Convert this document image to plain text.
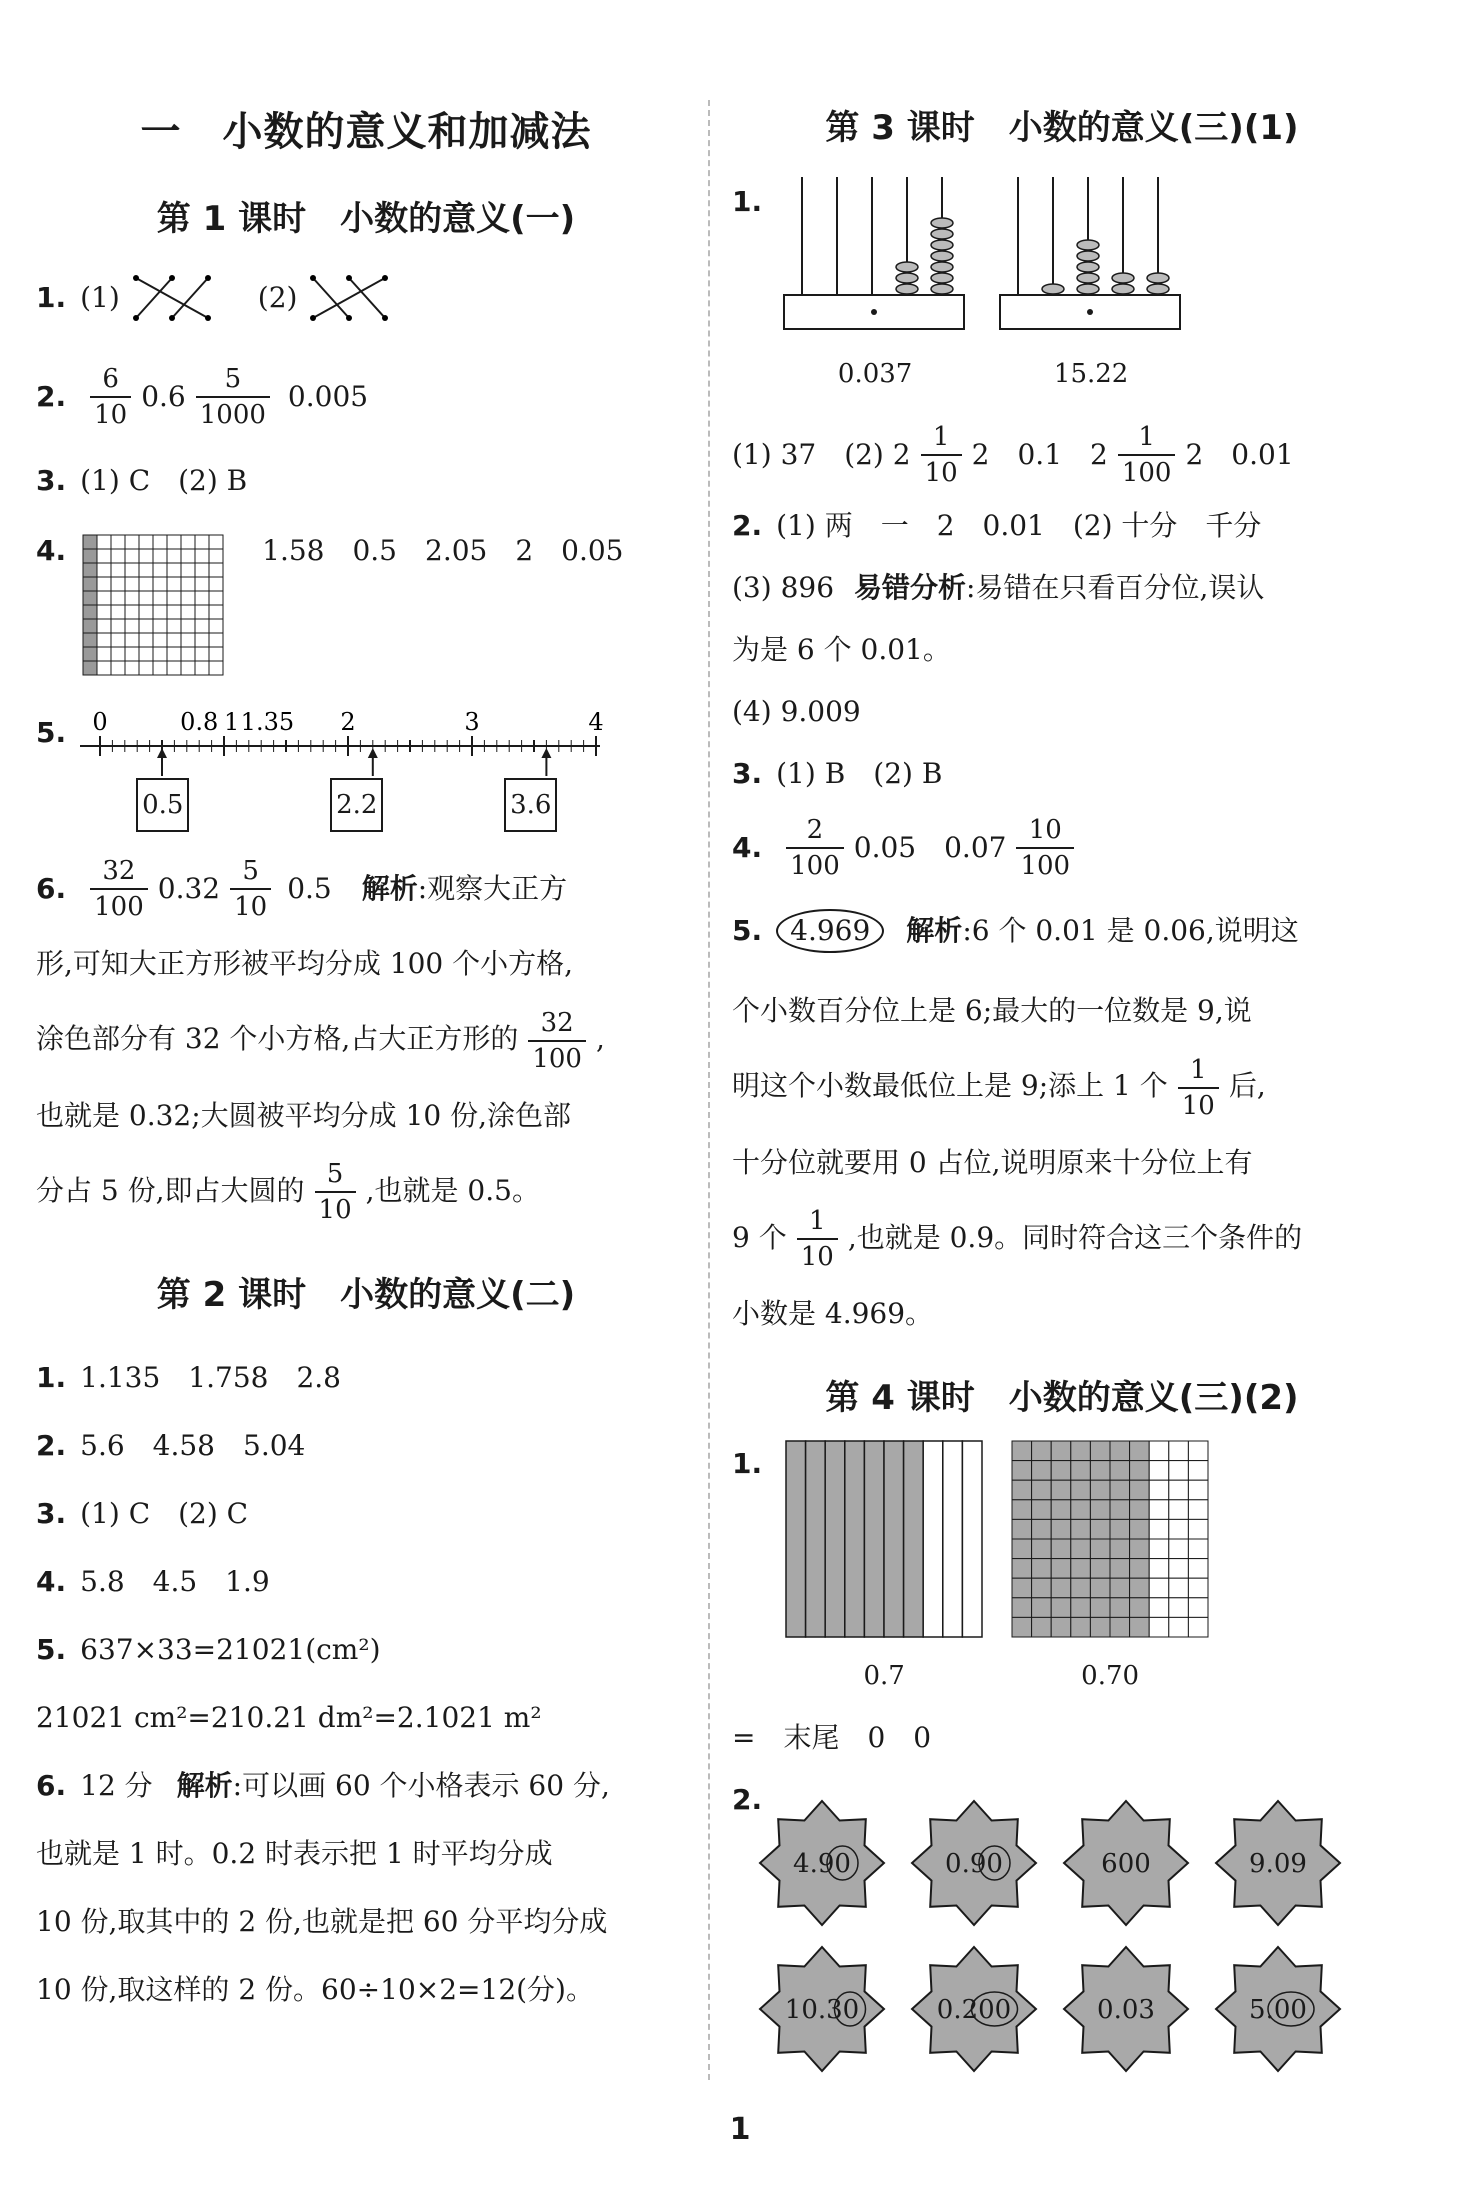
一　小数的意义和加减法
第 1 课时　小数的意义(一)
1. (1)	(2)
2. $\frac{6}{10} 0.6 \frac{5}{1000} 0.005$
3. (1) C　(2) B
4.	1.58　0.5　2.05　2　0.05
5. 0	0.8 1 1.35 2	3	4
0.5	2.2	3.6
6. $\frac{32}{100} 0.32 \frac{5}{10} 0.5$ 解析 :观察大正方

形,可知大正方形被平均分成 100 个小方格,

涂色部分有 32 个小方格,占大正方形的 $\frac{32}{100}$ ,

也就是 0.32;大圆被平均分成 10 份,涂色部

分占 5 份,即占大圆的 $\frac{5}{10}$ ,也就是 0.5。

第 2 课时　小数的意义(二)
1. 1.135　1.758　2.8
2. 5.6　4.58　5.04
3. (1) C　(2) C
4. 5.8　4.5　1.9
5. 637×33=21021(cm²)
21021 cm²=210.21 dm²=2.1021 m²
6. 12 分 解析 :可以画 60 个小格表示 60 分,

也就是 1 时。0.2 时表示把 1 时平均分成

10 份,取其中的 2 份,也就是把 60 分平均分成

10 份,取这样的 2 份。60÷10×2=12(分)。

第 3 课时　小数的意义(三)(1)
1.
0.037	15.22
(1) 37　(2) $2 \frac{1}{10} 2$　0.1　$2 \frac{1}{100} 2$　0.01
2. (1) 两　一　2　0.01　(2) 十分　千分
(3) 896 易错分析 :易错在只看百分位,误认
为是 6 个 0.01。
(4) 9.009
3. (1) B　(2) B
4. $\frac{2}{100} 0.05$　$0.07 \frac{10}{100}$
5.	4.969	解析 :6 个 0.01 是 0.06,说明这

个小数百分位上是 6;最大的一位数是 9,说

明这个小数最低位上是 9;添上 1 个 $\frac{1}{10}$ 后,

十分位就要用 0 占位,说明原来十分位上有

9 个 $\frac{1}{10}$ ,也就是 0.9。同时符合这三个条件的

小数是 4.969。

第 4 课时　小数的意义(三)(2)
1.
0.7	0.70
=　末尾　0　0
2.
4.90	0.90	600	9.09
10.30	0.200	0.03	5.00
1
